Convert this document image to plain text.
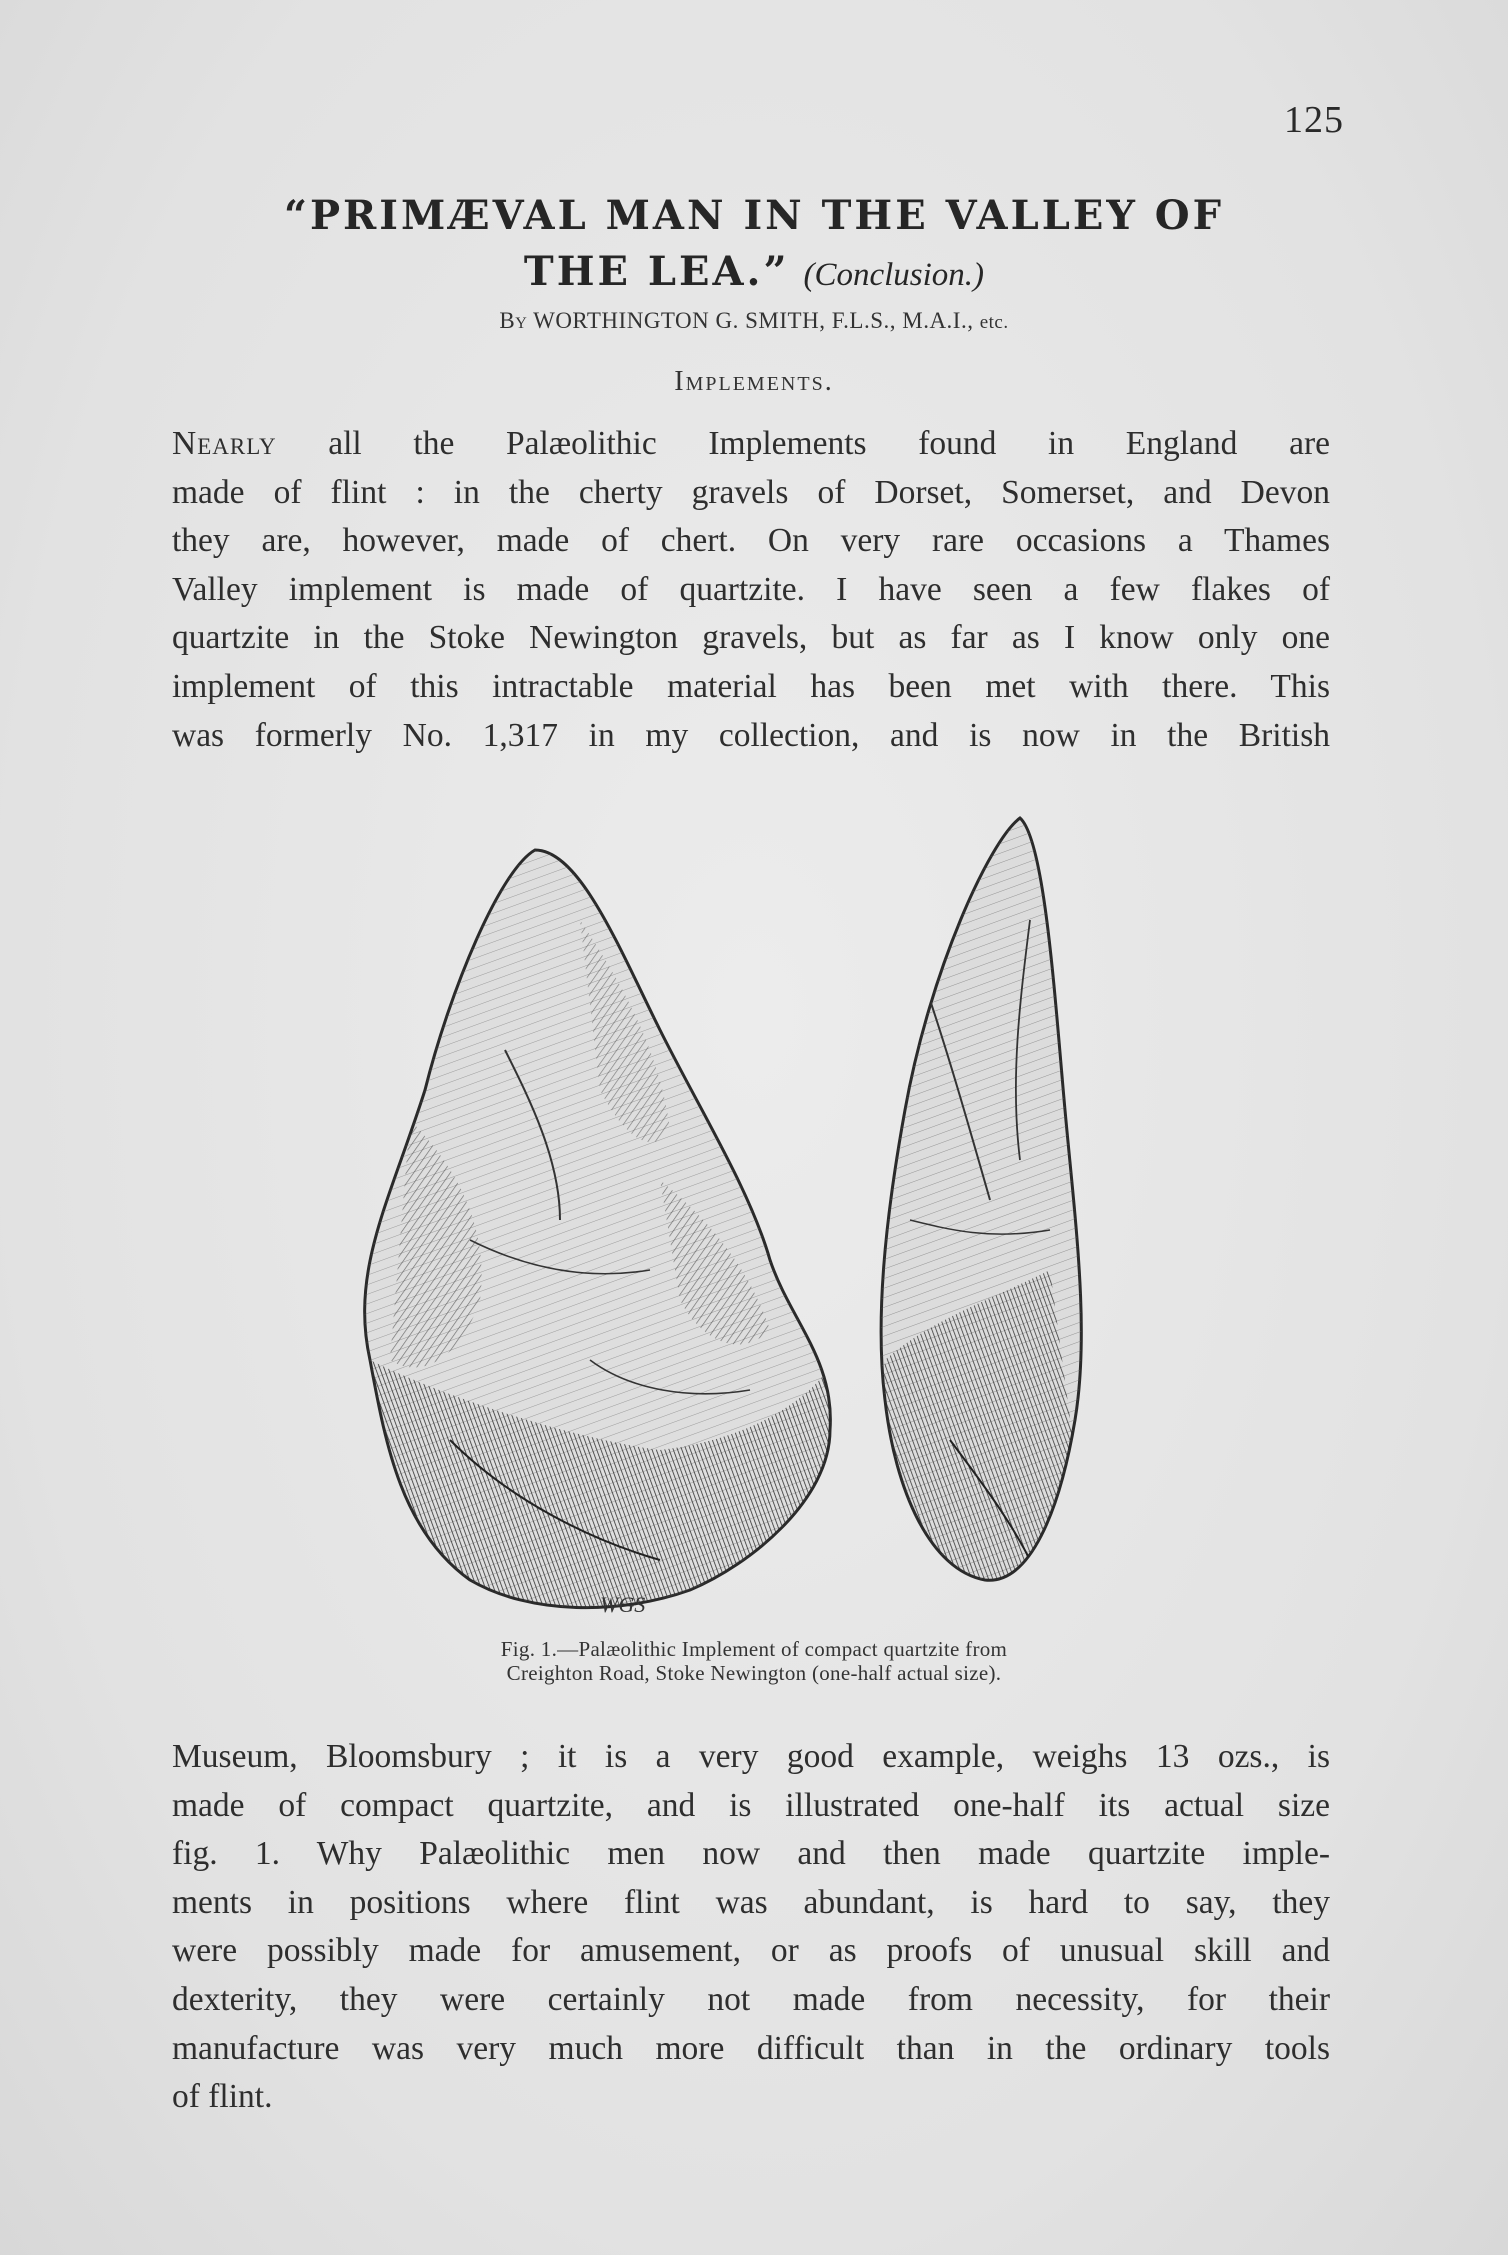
125
“PRIMÆVAL MAN IN THE VALLEY OF
THE LEA.” (Conclusion.)
By WORTHINGTON G. SMITH, F.L.S., M.A.I., etc.
Implements.
Nearly all the Palæolithic Implements found in England are
made of flint : in the cherty gravels of Dorset, Somerset, and Devon
they are, however, made of chert. On very rare occasions a Thames
Valley implement is made of quartzite. I have seen a few flakes of
quartzite in the Stoke Newington gravels, but as far as I know only one
implement of this intractable material has been met with there. This
was formerly No. 1,317 in my collection, and is now in the British
WGS
Fig. 1.—Palæolithic Implement of compact quartzite from
Creighton Road, Stoke Newington (one-half actual size).
Museum, Bloomsbury ; it is a very good example, weighs 13 ozs., is
made of compact quartzite, and is illustrated one-half its actual size
fig. 1. Why Palæolithic men now and then made quartzite imple-
ments in positions where flint was abundant, is hard to say, they
were possibly made for amusement, or as proofs of unusual skill and
dexterity, they were certainly not made from necessity, for their
manufacture was very much more difficult than in the ordinary tools
of flint.
